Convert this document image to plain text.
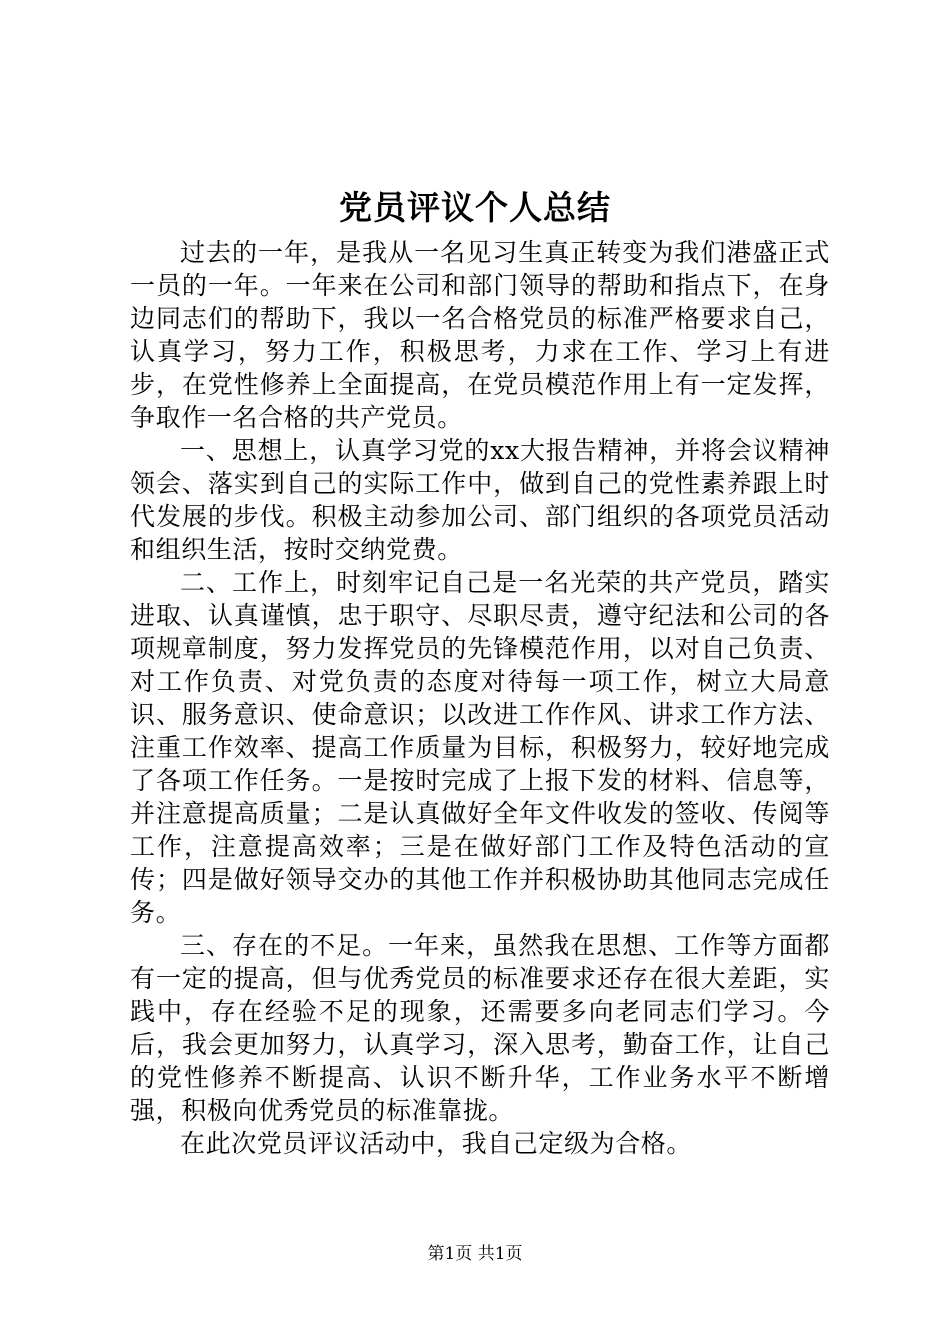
党员评议个人总结

过去的一年，是我从一名见习生真正转变为我们港盛正式一员的一年。一年来在公司和部门领导的帮助和指点下，在身边同志们的帮助下，我以一名合格党员的标准严格要求自己，认真学习，努力工作，积极思考，力求在工作、学习上有进步，在党性修养上全面提高，在党员模范作用上有一定发挥，争取作一名合格的共产党员。

一、思想上，认真学习党的xx大报告精神，并将会议精神领会、落实到自己的实际工作中，做到自己的党性素养跟上时代发展的步伐。积极主动参加公司、部门组织的各项党员活动和组织生活，按时交纳党费。

二、工作上，时刻牢记自己是一名光荣的共产党员，踏实进取、认真谨慎，忠于职守、尽职尽责，遵守纪法和公司的各项规章制度，努力发挥党员的先锋模范作用，以对自己负责、对工作负责、对党负责的态度对待每一项工作，树立大局意识、服务意识、使命意识；以改进工作作风、讲求工作方法、注重工作效率、提高工作质量为目标，积极努力，较好地完成了各项工作任务。一是按时完成了上报下发的材料、信息等，并注意提高质量；二是认真做好全年文件收发的签收、传阅等工作，注意提高效率；三是在做好部门工作及特色活动的宣传；四是做好领导交办的其他工作并积极协助其他同志完成任务。

三、存在的不足。一年来，虽然我在思想、工作等方面都有一定的提高，但与优秀党员的标准要求还存在很大差距，实践中，存在经验不足的现象，还需要多向老同志们学习。今后，我会更加努力，认真学习，深入思考，勤奋工作，让自己的党性修养不断提高、认识不断升华，工作业务水平不断增强，积极向优秀党员的标准靠拢。

在此次党员评议活动中，我自己定级为合格。

第1页 共1页
